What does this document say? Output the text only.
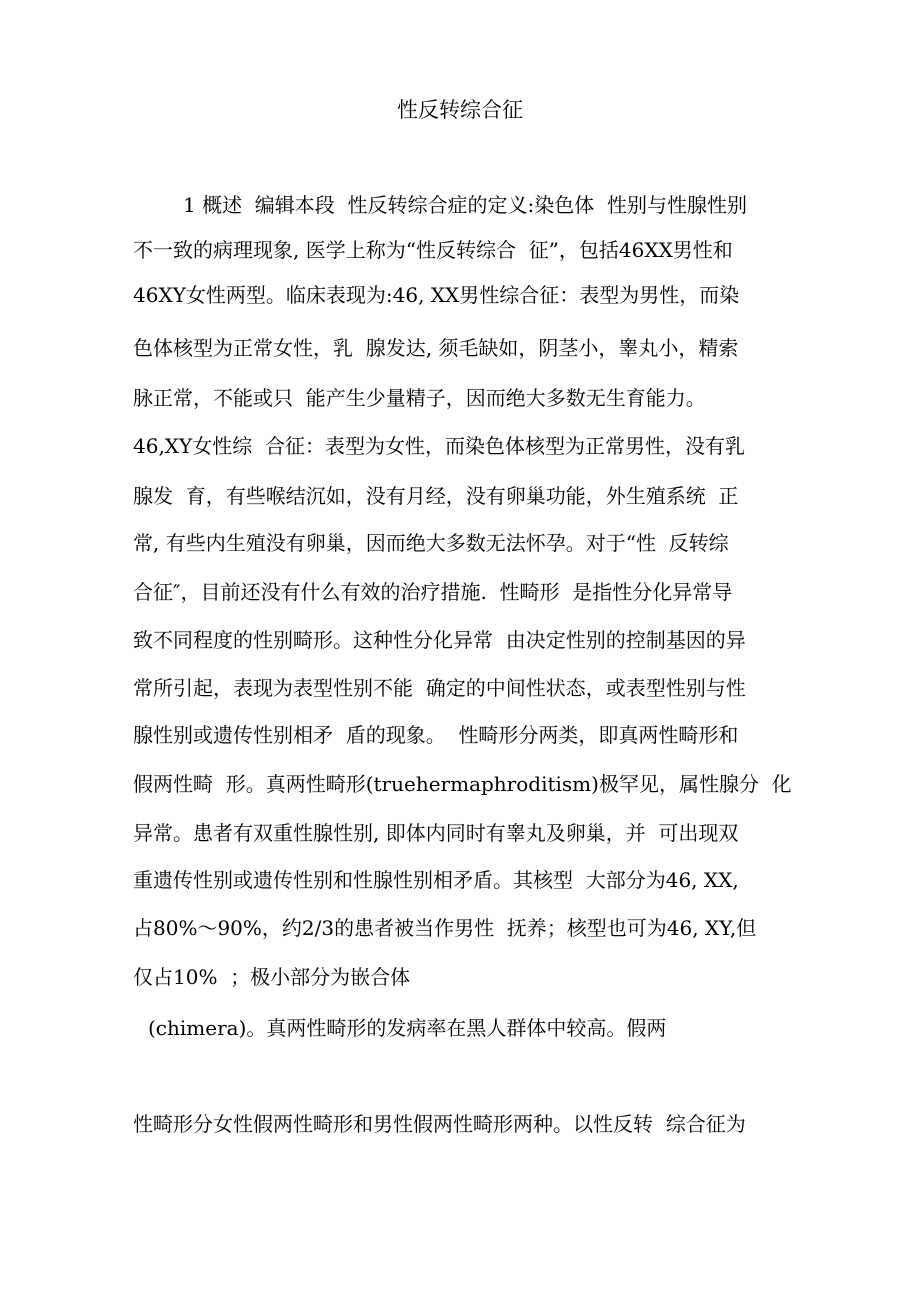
性反转综合征
1 概述  编辑本段  性反转综合症的定义:染色体  性别与性腺性别
不一致的病理现象, 医学上称为“性反转综合  征”，包括46XX男性和
46XY女性两型。临床表现为:46, XX男性综合征：表型为男性，而染
色体核型为正常女性，乳  腺发达, 须毛缺如，阴茎小，睾丸小，精索
脉正常，不能或只  能产生少量精子，因而绝大多数无生育能力。
46,XY女性综  合征：表型为女性，而染色体核型为正常男性，没有乳
腺发  育，有些喉结沉如，没有月经，没有卵巢功能，外生殖系统  正
常, 有些内生殖没有卵巢，因而绝大多数无法怀孕。对于“性  反转综
合征″，目前还没有什么有效的治疗措施.  性畸形  是指性分化异常导
致不同程度的性别畸形。这种性分化异常  由决定性别的控制基因的异
常所引起，表现为表型性别不能  确定的中间性状态，或表型性别与性
腺性别或遗传性别相矛  盾的现象。  性畸形分两类，即真两性畸形和
假两性畸  形。真两性畸形(truehermaphroditism)极罕见，属性腺分  化
异常。患者有双重性腺性别, 即体内同时有睾丸及卵巢，并  可出现双
重遗传性别或遗传性别和性腺性别相矛盾。其核型  大部分为46, XX,
占80%～90%，约2/3的患者被当作男性  抚养；核型也可为46, XY,但
仅占10%  ；极小部分为嵌合体
(chimera)。真两性畸形的发病率在黑人群体中较高。假两
性畸形分女性假两性畸形和男性假两性畸形两种。以性反转  综合征为
